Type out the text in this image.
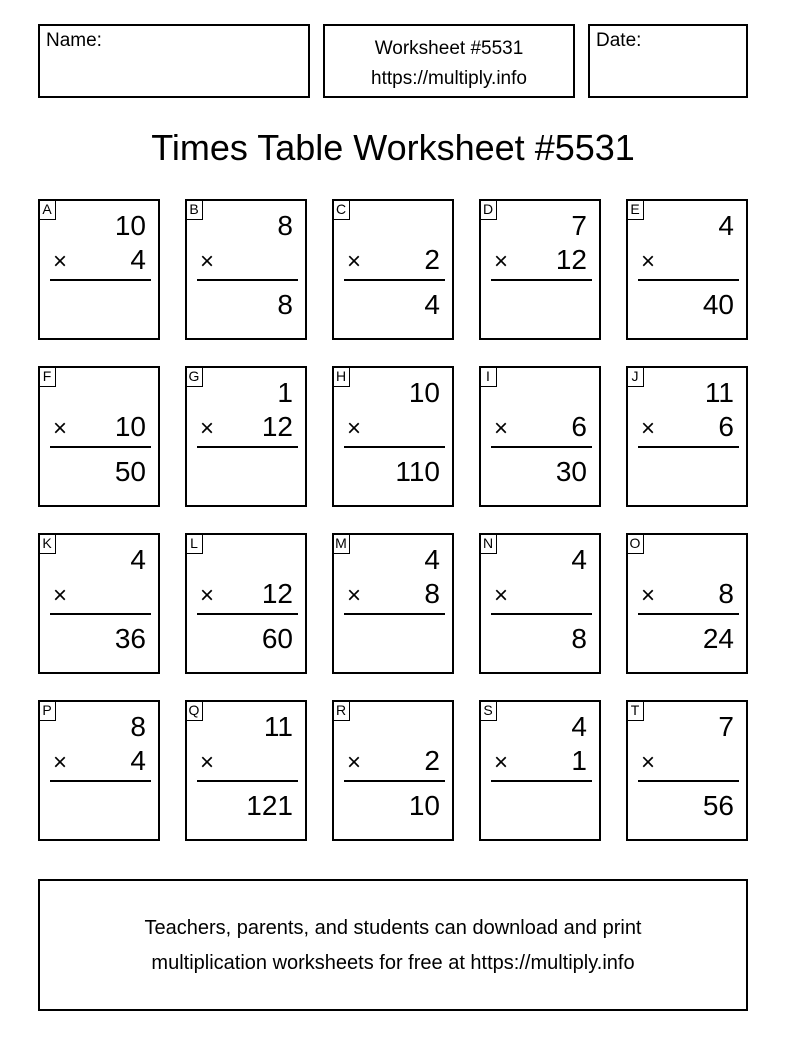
Name:	Worksheet #5531
https://multiply.info
Date:
Times Table Worksheet #5531
A
10
× 4
B
8
×
8
C
× 2
4
D
7
× 12
E
4
×
40
F
× 10
50
G
1
× 12
H
10
×
110
I
× 6
30
J
11
× 6
K
4
×
36
L
× 12
60
M
4
× 8
N
4
×
8
O
× 8
24
P
8
× 4
Q
11
×
121
R
× 2
10
S
4
× 1
T
7
×
56
Teachers, parents, and students can download and print
multiplication worksheets for free at https://multiply.info
